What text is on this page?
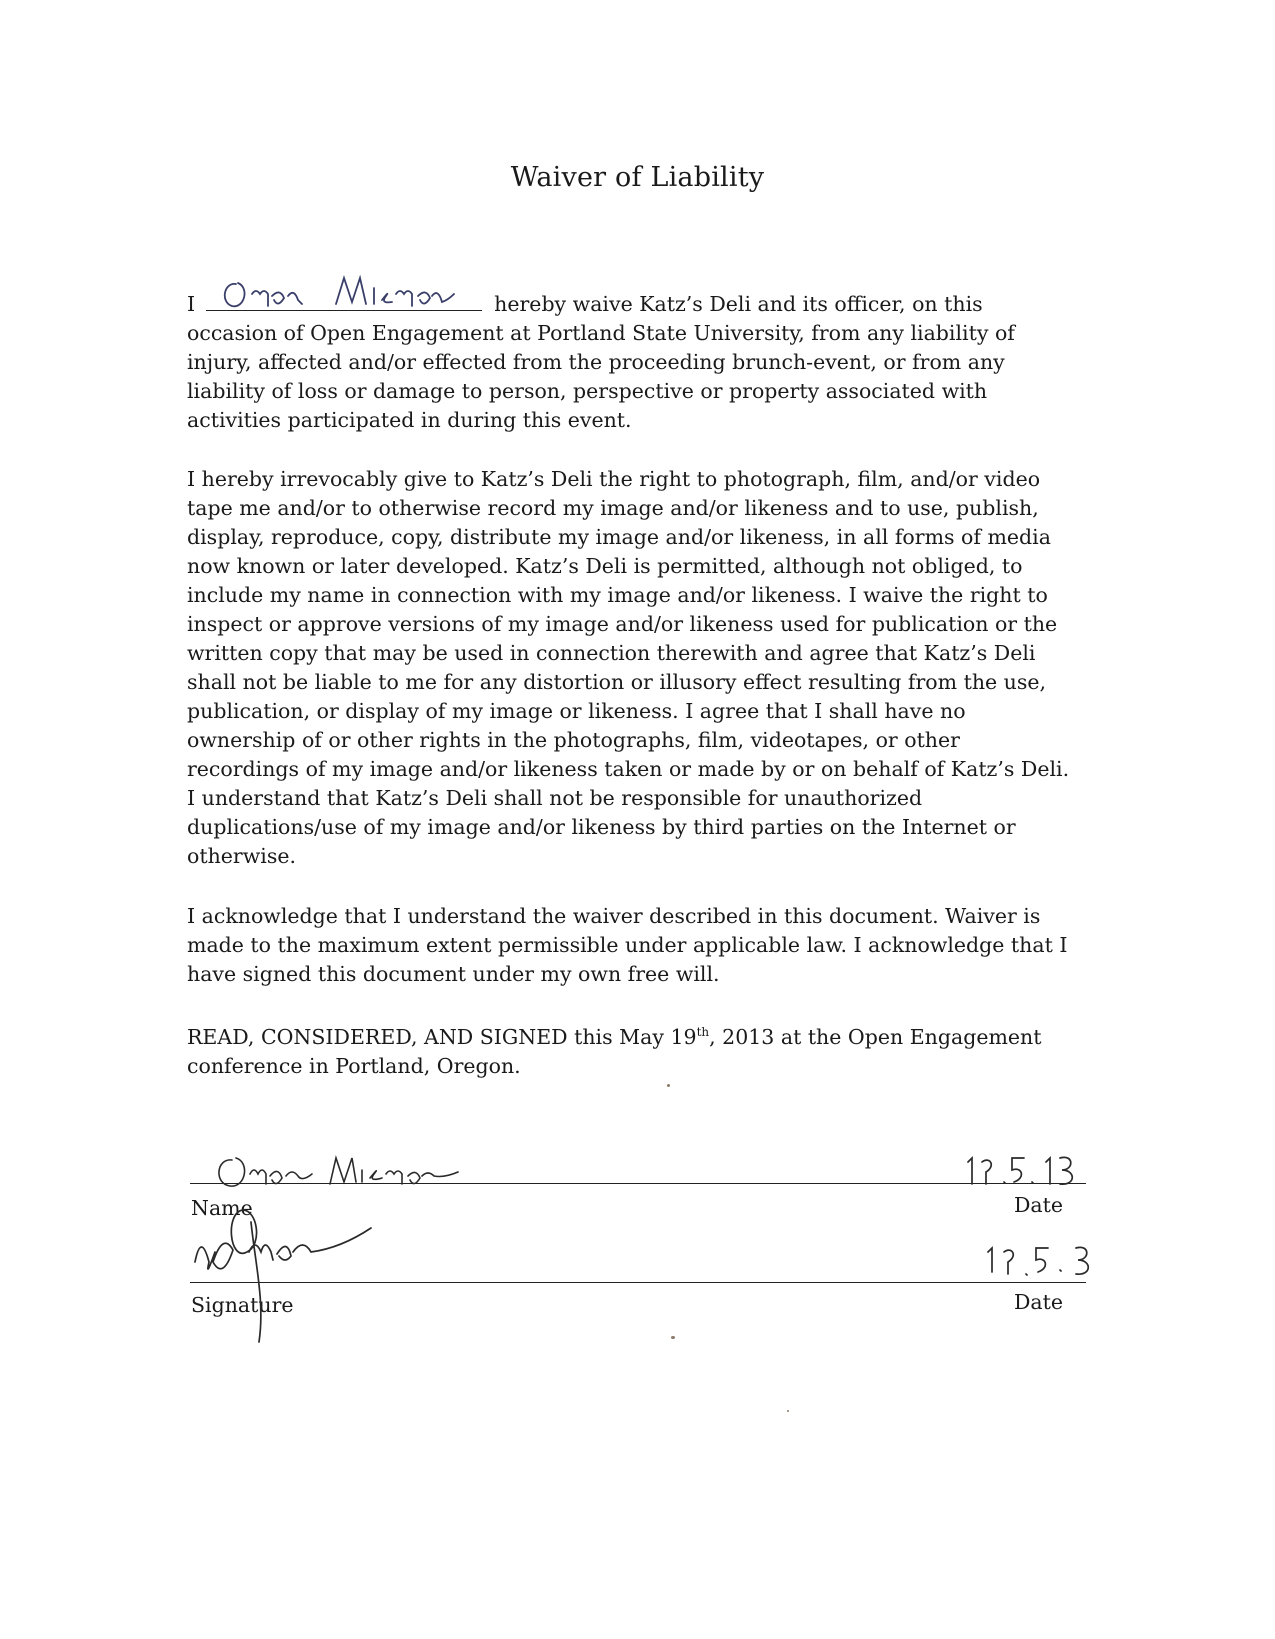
Waiver of Liability

I	hereby waive Katz’s Deli and its officer, on this occasion of Open Engagement at Portland State University, from any liability of injury, affected and/or effected from the proceeding brunch-event, or from any liability of loss or damage to person, perspective or property associated with activities participated in during this event.

I hereby irrevocably give to Katz’s Deli the right to photograph, film, and/or video tape me and/or to otherwise record my image and/or likeness and to use, publish, display, reproduce, copy, distribute my image and/or likeness, in all forms of media now known or later developed. Katz’s Deli is permitted, although not obliged, to include my name in connection with my image and/or likeness. I waive the right to inspect or approve versions of my image and/or likeness used for publication or the written copy that may be used in connection therewith and agree that Katz’s Deli shall not be liable to me for any distortion or illusory effect resulting from the use, publication, or display of my image or likeness. I agree that I shall have no ownership of or other rights in the photographs, film, videotapes, or other recordings of my image and/or likeness taken or made by or on behalf of Katz’s Deli. I understand that Katz’s Deli shall not be responsible for unauthorized duplications/use of my image and/or likeness by third parties on the Internet or otherwise.

I acknowledge that I understand the waiver described in this document. Waiver is made to the maximum extent permissible under applicable law. I acknowledge that I have signed this document under my own free will.

READ, CONSIDERED, AND SIGNED this May 19th, 2013 at the Open Engagement conference in Portland, Oregon.

Name	Date
Signature	Date
